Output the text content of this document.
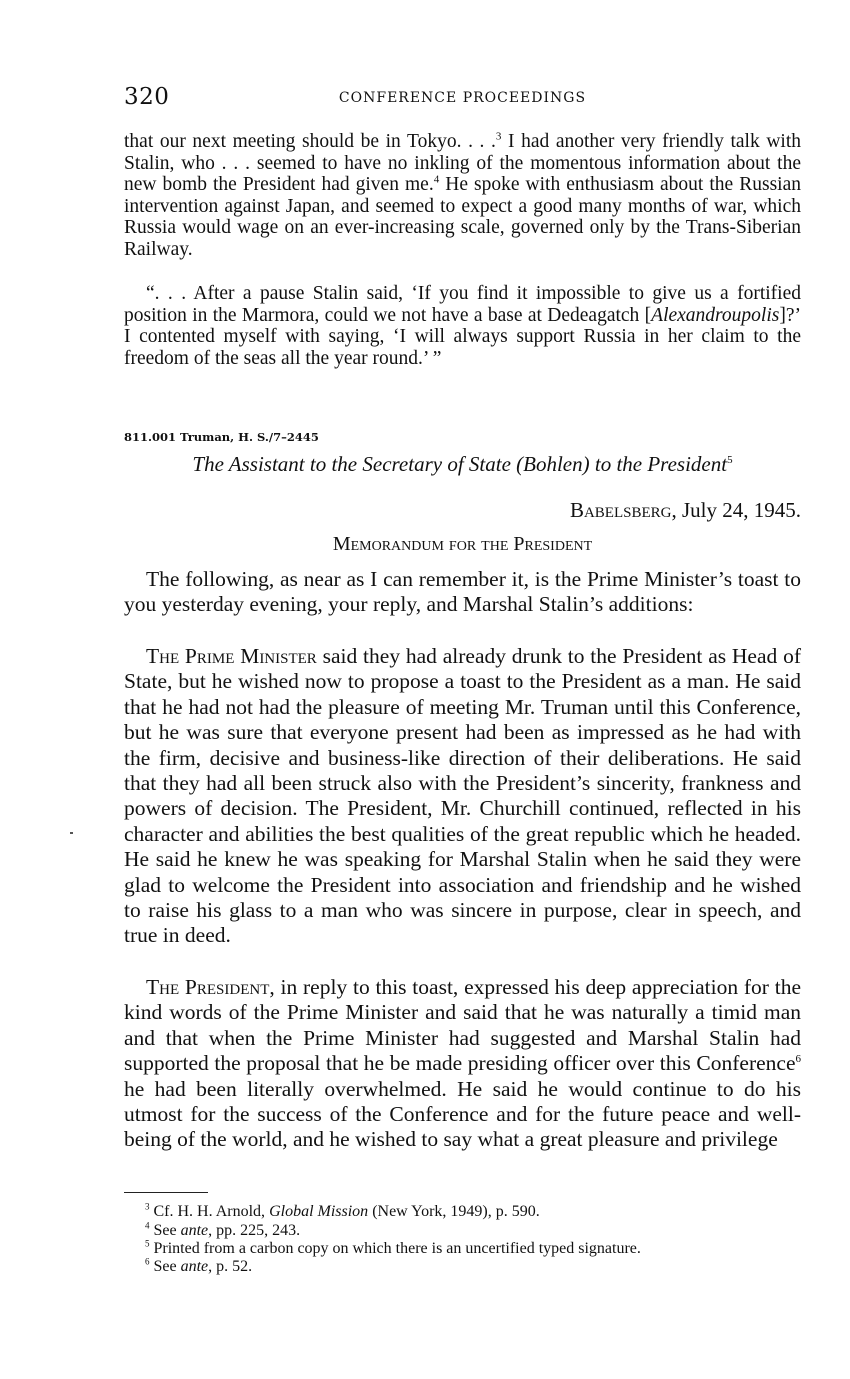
320	CONFERENCE PROCEEDINGS

that our next meeting should be in Tokyo. . . .$^3$ I had another very friendly talk with Stalin, who . . . seemed to have no inkling of the momentous information about the new bomb the President had given me.$^4$ He spoke with enthusiasm about the Russian intervention against Japan, and seemed to expect a good many months of war, which Russia would wage on an ever-increasing scale, governed only by the Trans-Siberian Railway.

“. . . After a pause Stalin said, ‘If you find it impossible to give us a fortified position in the Marmora, could we not have a base at Dedeagatch [Alexandroupolis]?’ I contented myself with saying, ‘I will always support Russia in her claim to the freedom of the seas all the year round.’ ”

811.001 Truman, H. S./7–2445
The Assistant to the Secretary of State (Bohlen) to the President$^5$
Babelsberg, July 24, 1945.
Memorandum for the President

The following, as near as I can remember it, is the Prime Minister’s toast to you yesterday evening, your reply, and Marshal Stalin’s additions:

The Prime Minister said they had already drunk to the President as Head of State, but he wished now to propose a toast to the President as a man. He said that he had not had the pleasure of meeting Mr. Truman until this Conference, but he was sure that everyone present had been as impressed as he had with the firm, decisive and business-like direction of their deliberations. He said that they had all been struck also with the President’s sincerity, frankness and powers of decision. The President, Mr. Churchill continued, reflected in his character and abilities the best qualities of the great republic which he headed. He said he knew he was speaking for Marshal Stalin when he said they were glad to welcome the President into association and friendship and he wished to raise his glass to a man who was sincere in purpose, clear in speech, and true in deed.

The President, in reply to this toast, expressed his deep appreciation for the kind words of the Prime Minister and said that he was naturally a timid man and that when the Prime Minister had suggested and Marshal Stalin had supported the proposal that he be made presiding officer over this Conference$^6$ he had been literally overwhelmed. He said he would continue to do his utmost for the success of the Conference and for the future peace and well-being of the world, and he wished to say what a great pleasure and privilege

$^3$ Cf. H. H. Arnold, Global Mission (New York, 1949), p. 590.
$^4$ See ante, pp. 225, 243.
$^5$ Printed from a carbon copy on which there is an uncertified typed signature.
$^6$ See ante, p. 52.
